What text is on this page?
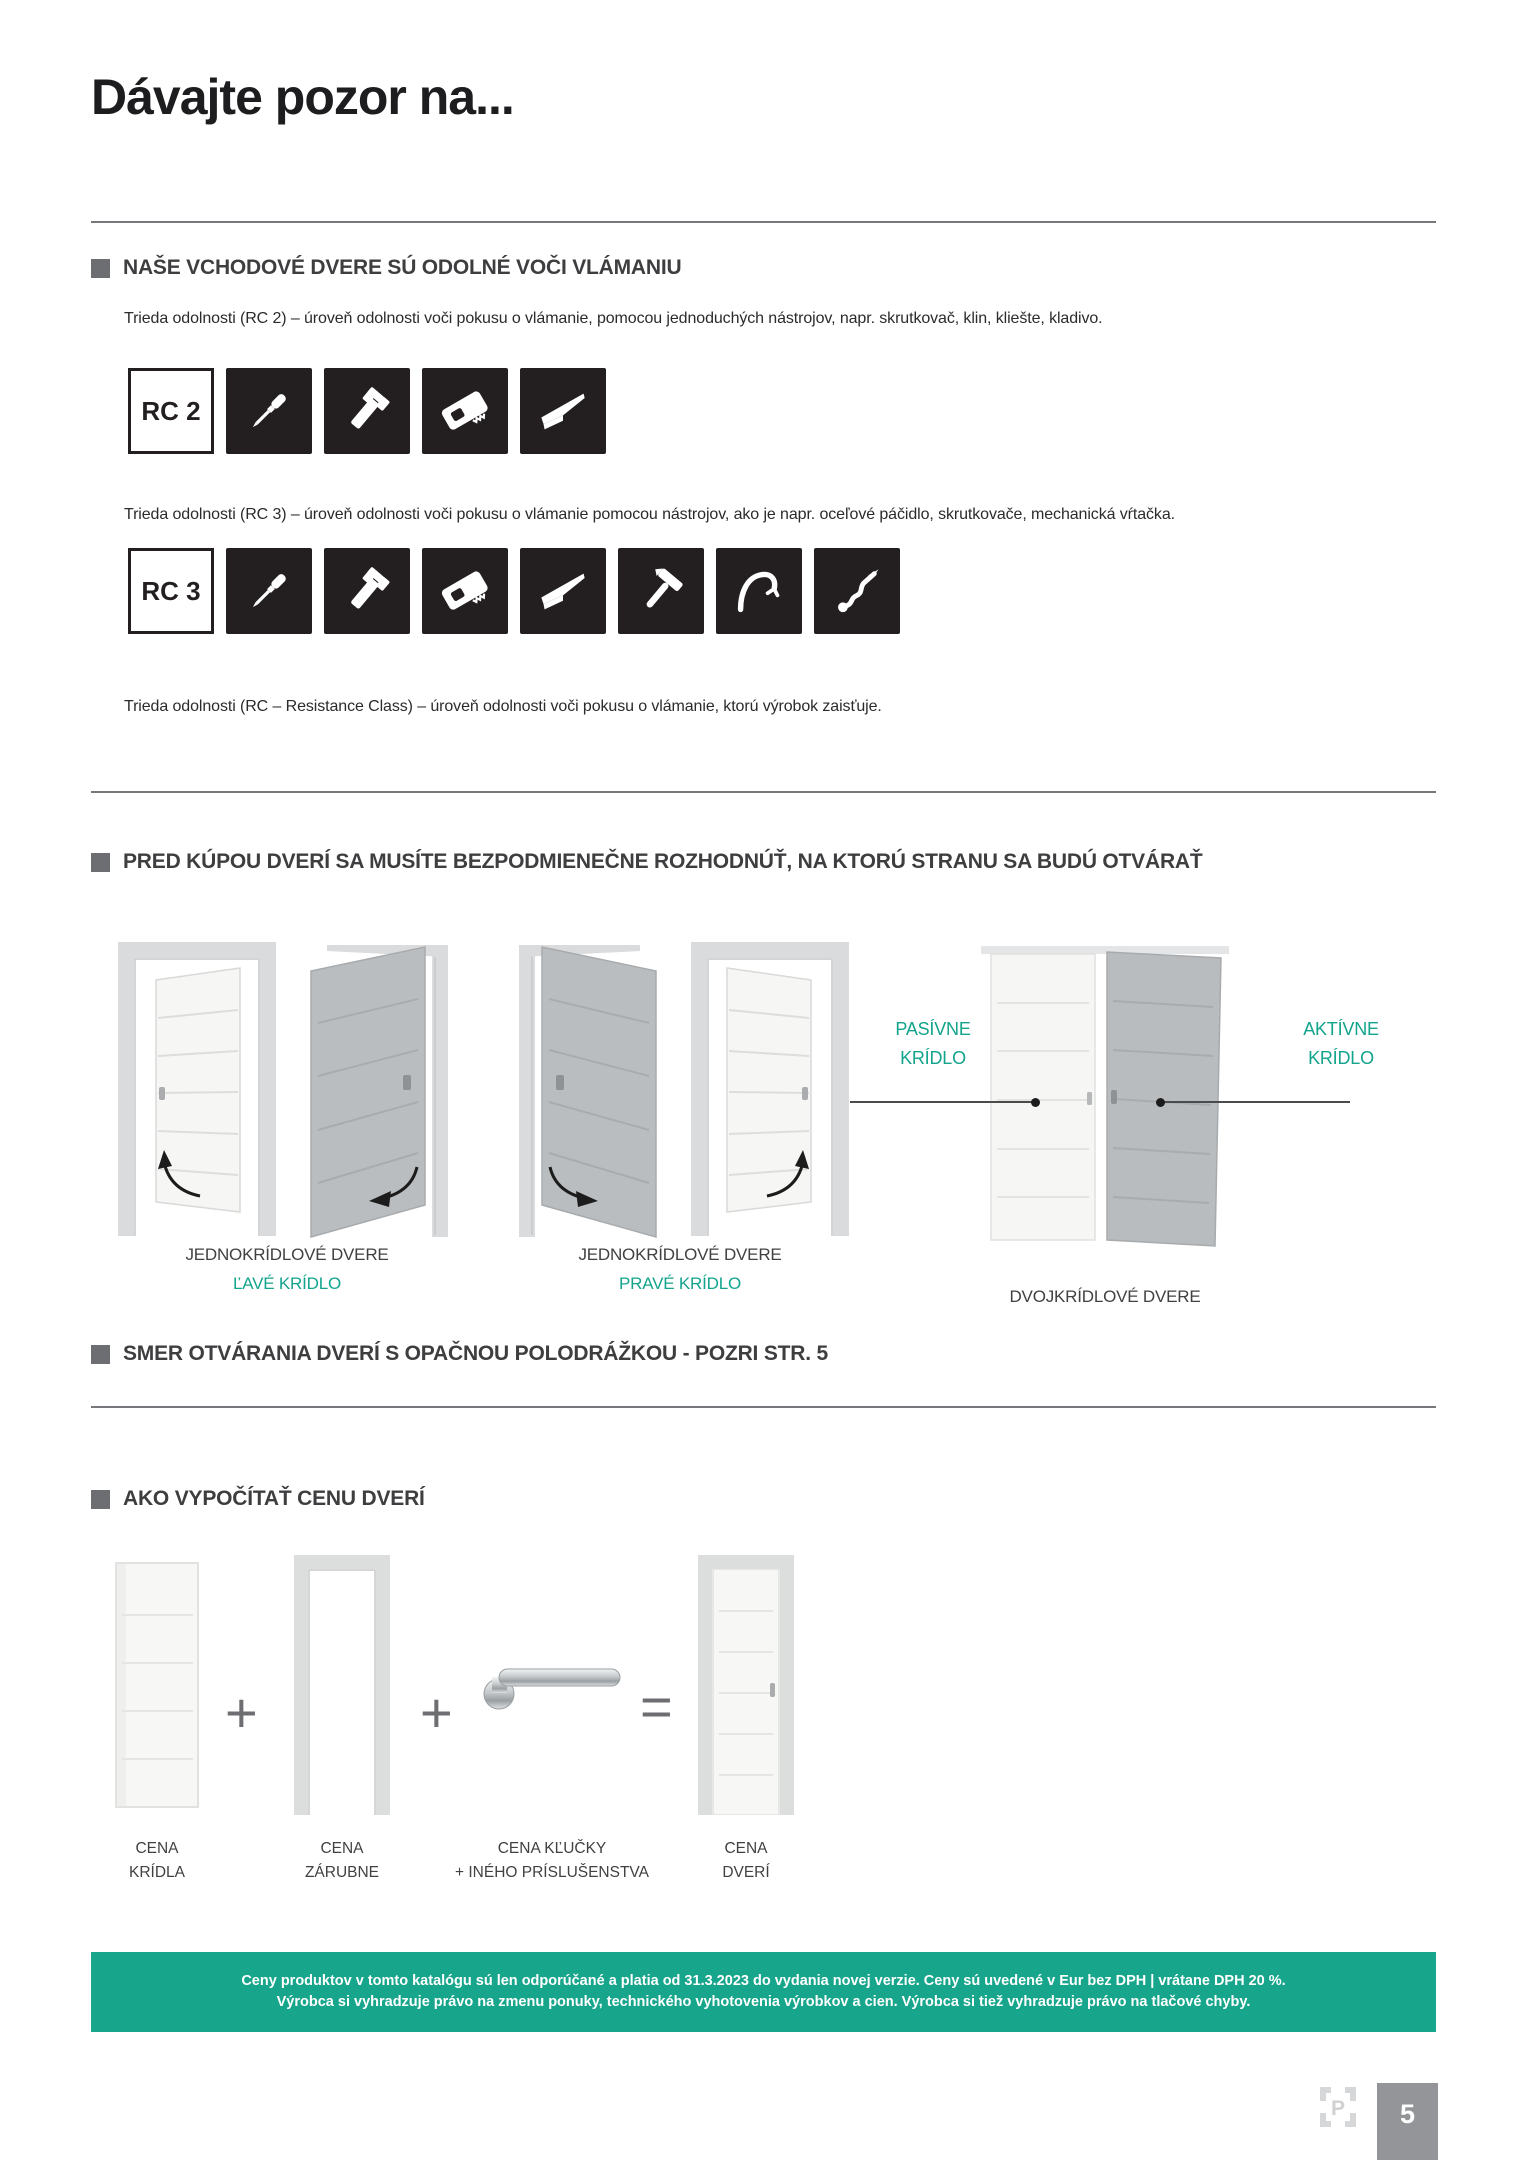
Dávajte pozor na...
NAŠE VCHODOVÉ DVERE SÚ ODOLNÉ VOČI VLÁMANIU
Trieda odolnosti (RC 2) – úroveň odolnosti voči pokusu o vlámanie, pomocou jednoduchých nástrojov, napr. skrutkovač, klin, kliešte, kladivo.
RC 2
Trieda odolnosti (RC 3) – úroveň odolnosti voči pokusu o vlámanie pomocou nástrojov, ako je napr. oceľové páčidlo, skrutkovače, mechanická vŕtačka.
RC 3
Trieda odolnosti (RC – Resistance Class) – úroveň odolnosti voči pokusu o vlámanie, ktorú výrobok zaisťuje.
PRED KÚPOU DVERÍ SA MUSÍTE BEZPODMIENEČNE ROZHODNÚŤ, NA KTORÚ STRANU SA BUDÚ OTVÁRAŤ
PASÍVNE
KRÍDLO
AKTÍVNE
KRÍDLO
JEDNOKRÍDLOVÉ DVERE
ĽAVÉ KRÍDLO
JEDNOKRÍDLOVÉ DVERE
PRAVÉ KRÍDLO
DVOJKRÍDLOVÉ DVERE
SMER OTVÁRANIA DVERÍ S OPAČNOU POLODRÁŽKOU - POZRI STR. 5
AKO VYPOČÍTAŤ CENU DVERÍ
+	+	=
CENA
KRÍDLA
CENA
ZÁRUBNE
CENA KĽUČKY
+ INÉHO PRÍSLUŠENSTVA
CENA
DVERÍ
Ceny produktov v tomto katalógu sú len odporúčané a platia od 31.3.2023 do vydania novej verzie. Ceny sú uvedené v Eur bez DPH | vrátane DPH 20 %.
Výrobca si vyhradzuje právo na zmenu ponuky, technického vyhotovenia výrobkov a cien. Výrobca si tiež vyhradzuje právo na tlačové chyby.
P 5
